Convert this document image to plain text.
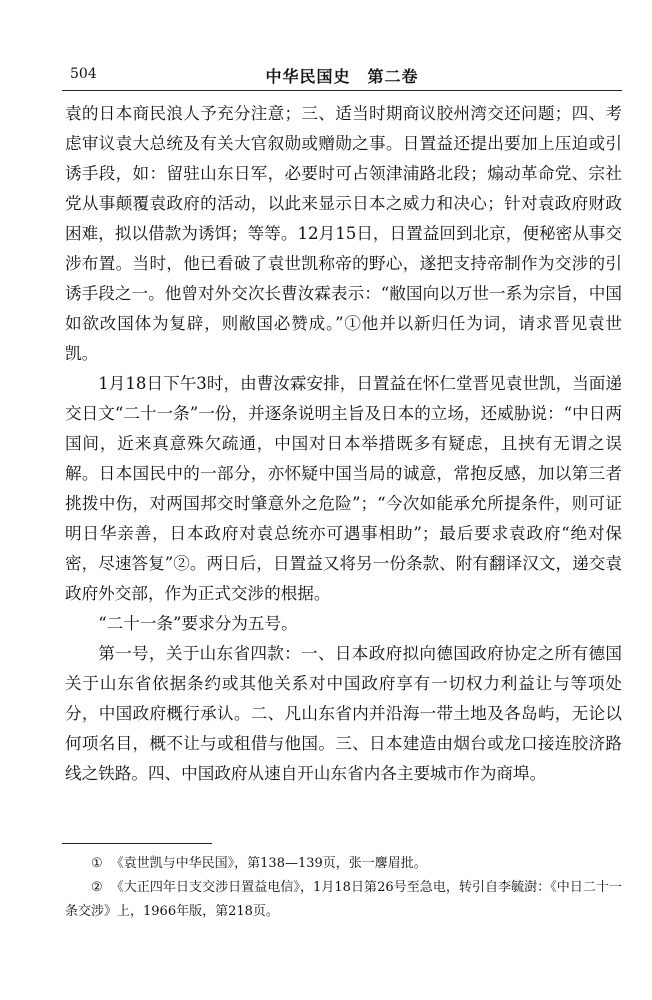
504	中华民国史　第二卷

袁的日本商民浪人予充分注意；三、适当时期商议胶州湾交还问题；四、考虑审议袁大总统及有关大官叙勋或赠勋之事。日置益还提出要加上压迫或引诱手段，如：留驻山东日军，必要时可占领津浦路北段；煽动革命党、宗社党从事颠覆袁政府的活动，以此来显示日本之威力和决心；针对袁政府财政困难，拟以借款为诱饵；等等。12月15日，日置益回到北京，便秘密从事交涉布置。当时，他已看破了袁世凯称帝的野心，遂把支持帝制作为交涉的引诱手段之一。他曾对外交次长曹汝霖表示：“敝国向以万世一系为宗旨，中国如欲改国体为复辟，则敝国必赞成。”①他并以新归任为词，请求晋见袁世凯。

1月18日下午3时，由曹汝霖安排，日置益在怀仁堂晋见袁世凯，当面递交日文“二十一条”一份，并逐条说明主旨及日本的立场，还威胁说：“中日两国间，近来真意殊欠疏通，中国对日本举措既多有疑虑，且挟有无谓之误解。日本国民中的一部分，亦怀疑中国当局的诚意，常抱反感，加以第三者挑拨中伤，对两国邦交时肇意外之危险”；“今次如能承允所提条件，则可证明日华亲善，日本政府对袁总统亦可遇事相助”；最后要求袁政府“绝对保密，尽速答复”②。两日后，日置益又将另一份条款、附有翻译汉文，递交袁政府外交部，作为正式交涉的根据。

“二十一条”要求分为五号。

第一号，关于山东省四款：一、日本政府拟向德国政府协定之所有德国关于山东省依据条约或其他关系对中国政府享有一切权力利益让与等项处分，中国政府概行承认。二、凡山东省内并沿海一带土地及各岛屿，无论以何项名目，概不让与或租借与他国。三、日本建造由烟台或龙口接连胶济路线之铁路。四、中国政府从速自开山东省内各主要城市作为商埠。

① 《袁世凯与中华民国》，第138—139页，张一麐眉批。

② 《大正四年日支交涉日置益电信》，1月18日第26号至急电，转引自李毓澍：《中日二十一条交涉》上，1966年版，第218页。
